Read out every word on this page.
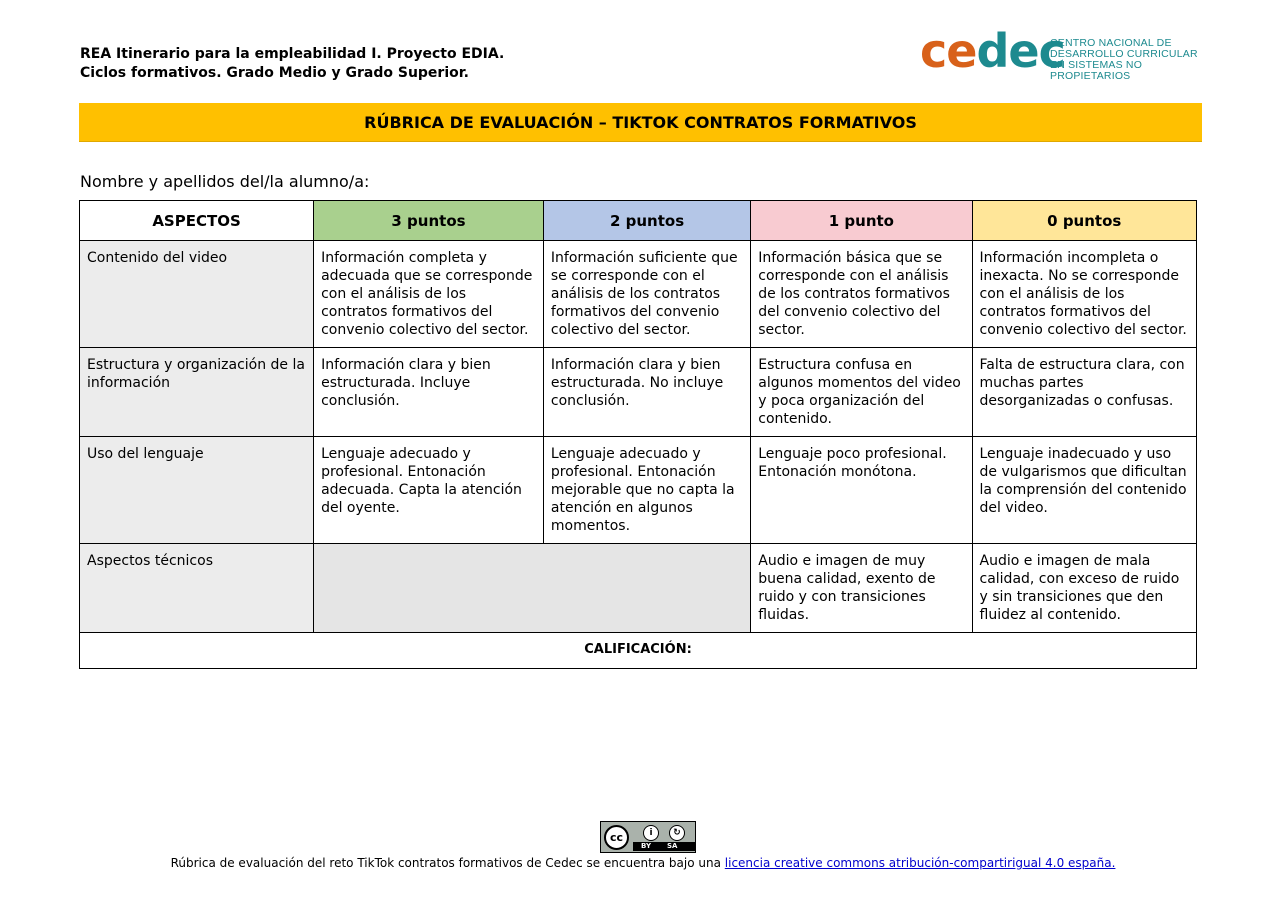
REA Itinerario para la empleabilidad I. Proyecto EDIA.
Ciclos formativos. Grado Medio y Grado Superior.	cedec
CENTRO NACIONAL DE
DESARROLLO CURRICULAR
EN SISTEMAS NO PROPIETARIOS
RÚBRICA DE EVALUACIÓN – TIKTOK CONTRATOS FORMATIVOS
Nombre y apellidos del/la alumno/a:
ASPECTOS	3 puntos	2 puntos	1 punto	0 puntos
Contenido del video	Información completa y adecuada que se corresponde con el análisis de los contratos formativos del convenio colectivo del sector.	Información suficiente que se corresponde con el análisis de los contratos formativos del convenio colectivo del sector.	Información básica que se corresponde con el análisis de los contratos formativos del convenio colectivo del sector.	Información incompleta o inexacta. No se corresponde con el análisis de los contratos formativos del convenio colectivo del sector.
Estructura y organización de la información	Información clara y bien estructurada. Incluye conclusión.	Información clara y bien estructurada. No incluye conclusión.	Estructura confusa en algunos momentos del video y poca organización del contenido.	Falta de estructura clara, con muchas partes desorganizadas o confusas.
Uso del lenguaje	Lenguaje adecuado y profesional. Entonación adecuada. Capta la atención del oyente.	Lenguaje adecuado y profesional. Entonación mejorable que no capta la atención en algunos momentos.	Lenguaje poco profesional. Entonación monótona.	Lenguaje inadecuado y uso de vulgarismos que dificultan la comprensión del contenido del video.
Aspectos técnicos			Audio e imagen de muy buena calidad, exento de ruido y con transiciones fluidas.	Audio e imagen de mala calidad, con exceso de ruido y sin transiciones que den fluidez al contenido.
CALIFICACIÓN:				
cc	i	↻
BY SA
Rúbrica de evaluación del reto TikTok contratos formativos de Cedec se encuentra bajo una licencia creative commons atribución-compartirigual 4.0 españa.
